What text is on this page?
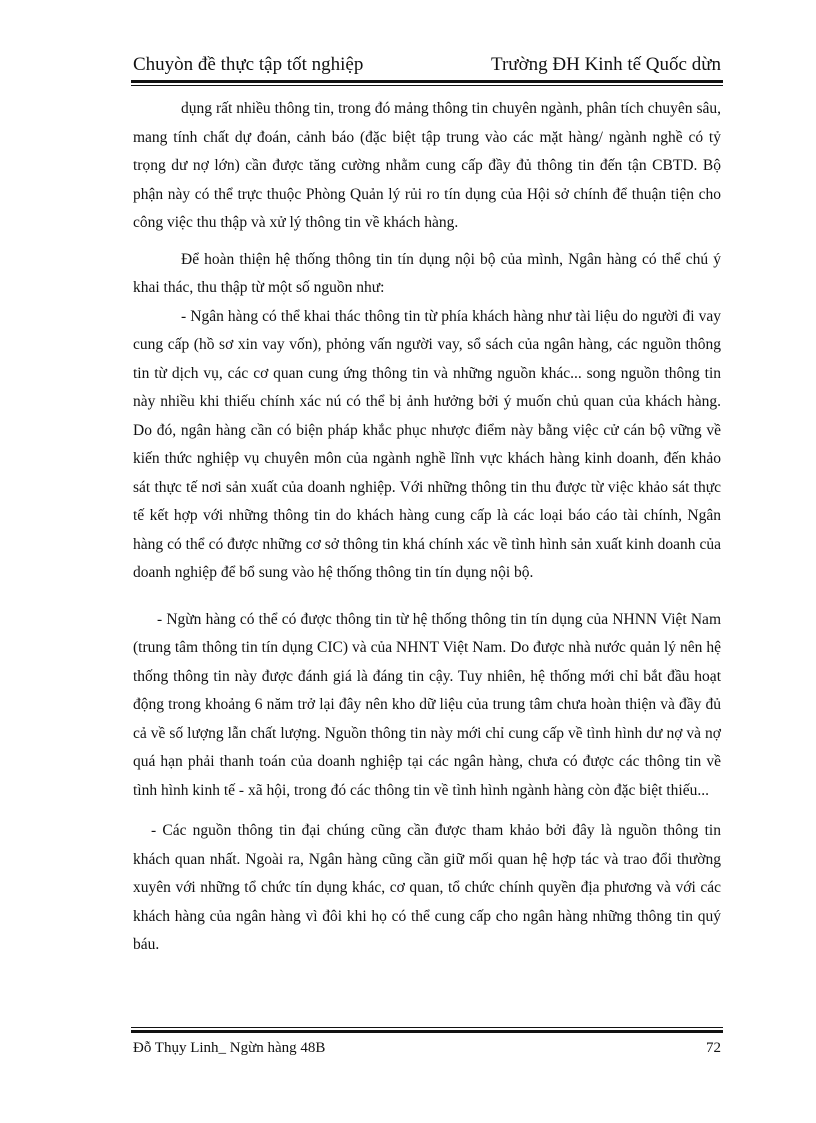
Chuyòn đề thực tập tốt nghiệp	Trường ĐH Kinh tế Quốc dừn

dụng rất nhiều thông tin, trong đó mảng thông tin chuyên ngành, phân tích chuyên sâu, mang tính chất dự đoán, cảnh báo (đặc biệt tập trung vào các mặt hàng/ ngành nghề có tỷ trọng dư nợ lớn) cần được tăng cường nhằm cung cấp đầy đủ thông tin đến tận CBTD. Bộ phận này có thể trực thuộc Phòng Quản lý rủi ro tín dụng của Hội sở chính để thuận tiện cho công việc thu thập và xử lý thông tin về khách hàng.

Để hoàn thiện hệ thống thông tin tín dụng nội bộ của mình, Ngân hàng có thể chú ý khai thác, thu thập từ một số nguồn như:

- Ngân hàng có thể khai thác thông tin từ phía khách hàng như tài liệu do người đi vay cung cấp (hồ sơ xin vay vốn), phỏng vấn người vay, sổ sách của ngân hàng, các nguồn thông tin từ dịch vụ, các cơ quan cung ứng thông tin và những nguồn khác... song nguồn thông tin này nhiều khi thiếu chính xác nú có thể bị ảnh hưởng bởi ý muốn chủ quan của khách hàng. Do đó, ngân hàng cần có biện pháp khắc phục nhược điểm này bằng việc cử cán bộ vững về kiến thức nghiệp vụ chuyên môn của ngành nghề lĩnh vực khách hàng kinh doanh, đến khảo sát thực tế nơi sản xuất của doanh nghiệp. Với những thông tin thu được từ việc khảo sát thực tế kết hợp với những thông tin do khách hàng cung cấp là các loại báo cáo tài chính, Ngân hàng có thể có được những cơ sở thông tin khá chính xác về tình hình sản xuất kinh doanh của doanh nghiệp để bổ sung vào hệ thống thông tin tín dụng nội bộ.

- Ngừn hàng có thể có được thông tin từ hệ thống thông tin tín dụng của NHNN Việt Nam (trung tâm thông tin tín dụng CIC) và của NHNT Việt Nam. Do được nhà nước quản lý nên hệ thống thông tin này được đánh giá là đáng tin cậy. Tuy nhiên, hệ thống mới chỉ bắt đầu hoạt động trong khoảng 6 năm trở lại đây nên kho dữ liệu của trung tâm chưa hoàn thiện và đầy đủ cả về số lượng lẫn chất lượng. Nguồn thông tin này mới chỉ cung cấp về tình hình dư nợ và nợ quá hạn phải thanh toán của doanh nghiệp tại các ngân hàng, chưa có được các thông tin về tình hình kinh tế - xã hội, trong đó các thông tin về tình hình ngành hàng còn đặc biệt thiếu...

- Các nguồn thông tin đại chúng cũng cần được tham khảo bởi đây là nguồn thông tin khách quan nhất. Ngoài ra, Ngân hàng cũng cần giữ mối quan hệ hợp tác và trao đổi thường xuyên với những tổ chức tín dụng khác, cơ quan, tổ chức chính quyền địa phương và với các khách hàng của ngân hàng vì đôi khi họ có thể cung cấp cho ngân hàng những thông tin quý báu.

Đỗ Thụy Linh_ Ngừn hàng 48B	72
